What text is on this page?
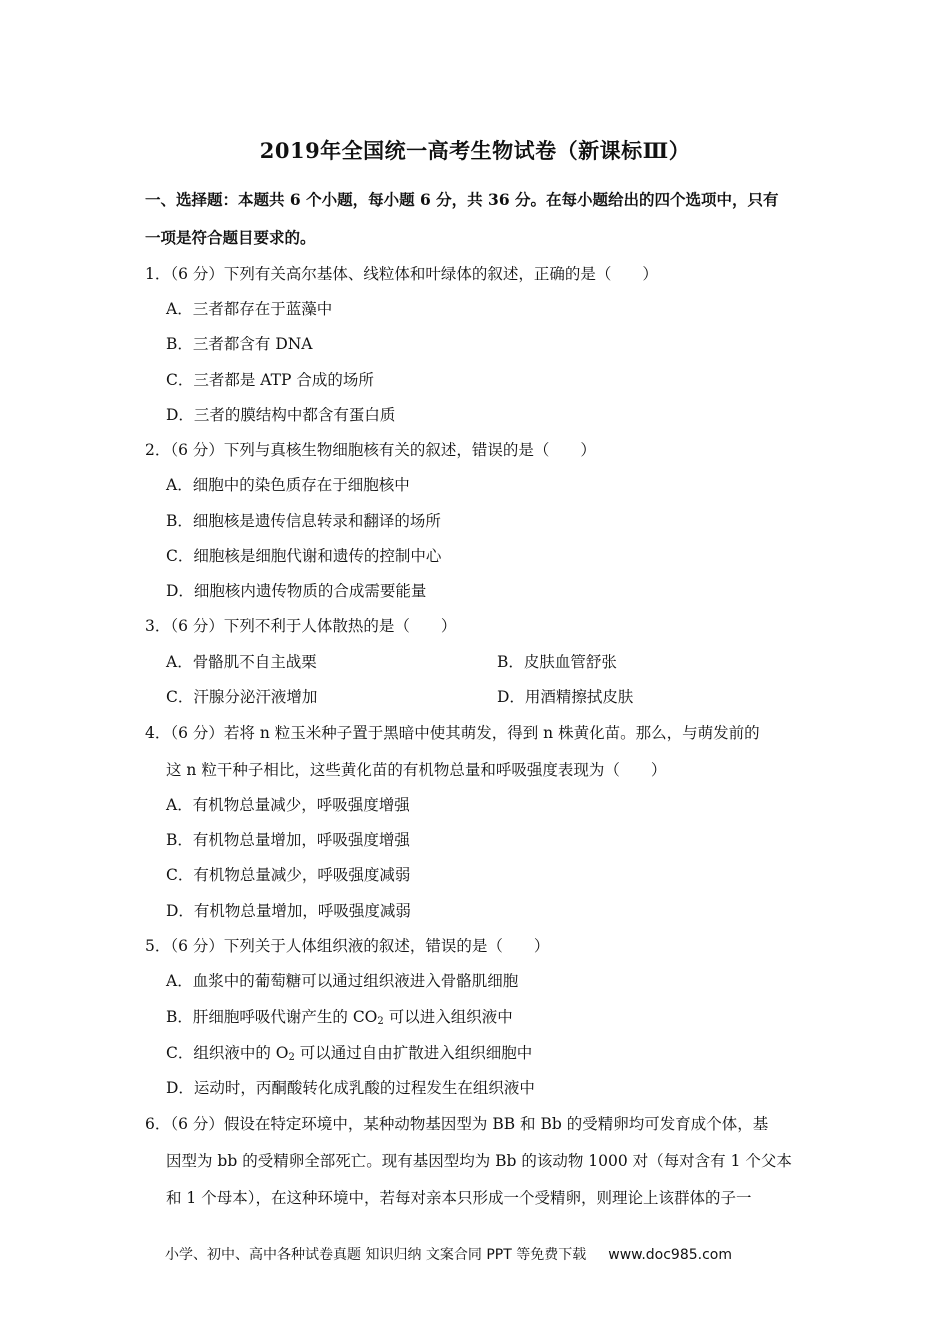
2019年全国统一高考生物试卷（新课标Ⅲ）
一、选择题：本题共 6 个小题，每小题 6 分，共 36 分。在每小题给出的四个选项中，只有
一项是符合题目要求的。
1．（6 分）下列有关高尔基体、线粒体和叶绿体的叙述，正确的是（　　）
A．三者都存在于蓝藻中
B．三者都含有 DNA
C．三者都是 ATP 合成的场所
D．三者的膜结构中都含有蛋白质
2．（6 分）下列与真核生物细胞核有关的叙述，错误的是（　　）
A．细胞中的染色质存在于细胞核中
B．细胞核是遗传信息转录和翻译的场所
C．细胞核是细胞代谢和遗传的控制中心
D．细胞核内遗传物质的合成需要能量
3．（6 分）下列不利于人体散热的是（　　）
A．骨骼肌不自主战栗	B．皮肤血管舒张
C．汗腺分泌汗液增加	D．用酒精擦拭皮肤
4．（6 分）若将 n 粒玉米种子置于黑暗中使其萌发，得到 n 株黄化苗。那么，与萌发前的
这 n 粒干种子相比，这些黄化苗的有机物总量和呼吸强度表现为（　　）
A．有机物总量减少，呼吸强度增强
B．有机物总量增加，呼吸强度增强
C．有机物总量减少，呼吸强度减弱
D．有机物总量增加，呼吸强度减弱
5．（6 分）下列关于人体组织液的叙述，错误的是（　　）
A．血浆中的葡萄糖可以通过组织液进入骨骼肌细胞
B．肝细胞呼吸代谢产生的 $CO_2$ 可以进入组织液中
C．组织液中的 $O_2$ 可以通过自由扩散进入组织细胞中
D．运动时，丙酮酸转化成乳酸的过程发生在组织液中
6．（6 分）假设在特定环境中，某种动物基因型为 BB 和 Bb 的受精卵均可发育成个体，基
因型为 bb 的受精卵全部死亡。现有基因型均为 Bb 的该动物 1000 对（每对含有 1 个父本
和 1 个母本），在这种环境中，若每对亲本只形成一个受精卵，则理论上该群体的子一
小学、初中、高中各种试卷真题 知识归纳 文案合同 PPT 等免费下载 www.doc985.com
